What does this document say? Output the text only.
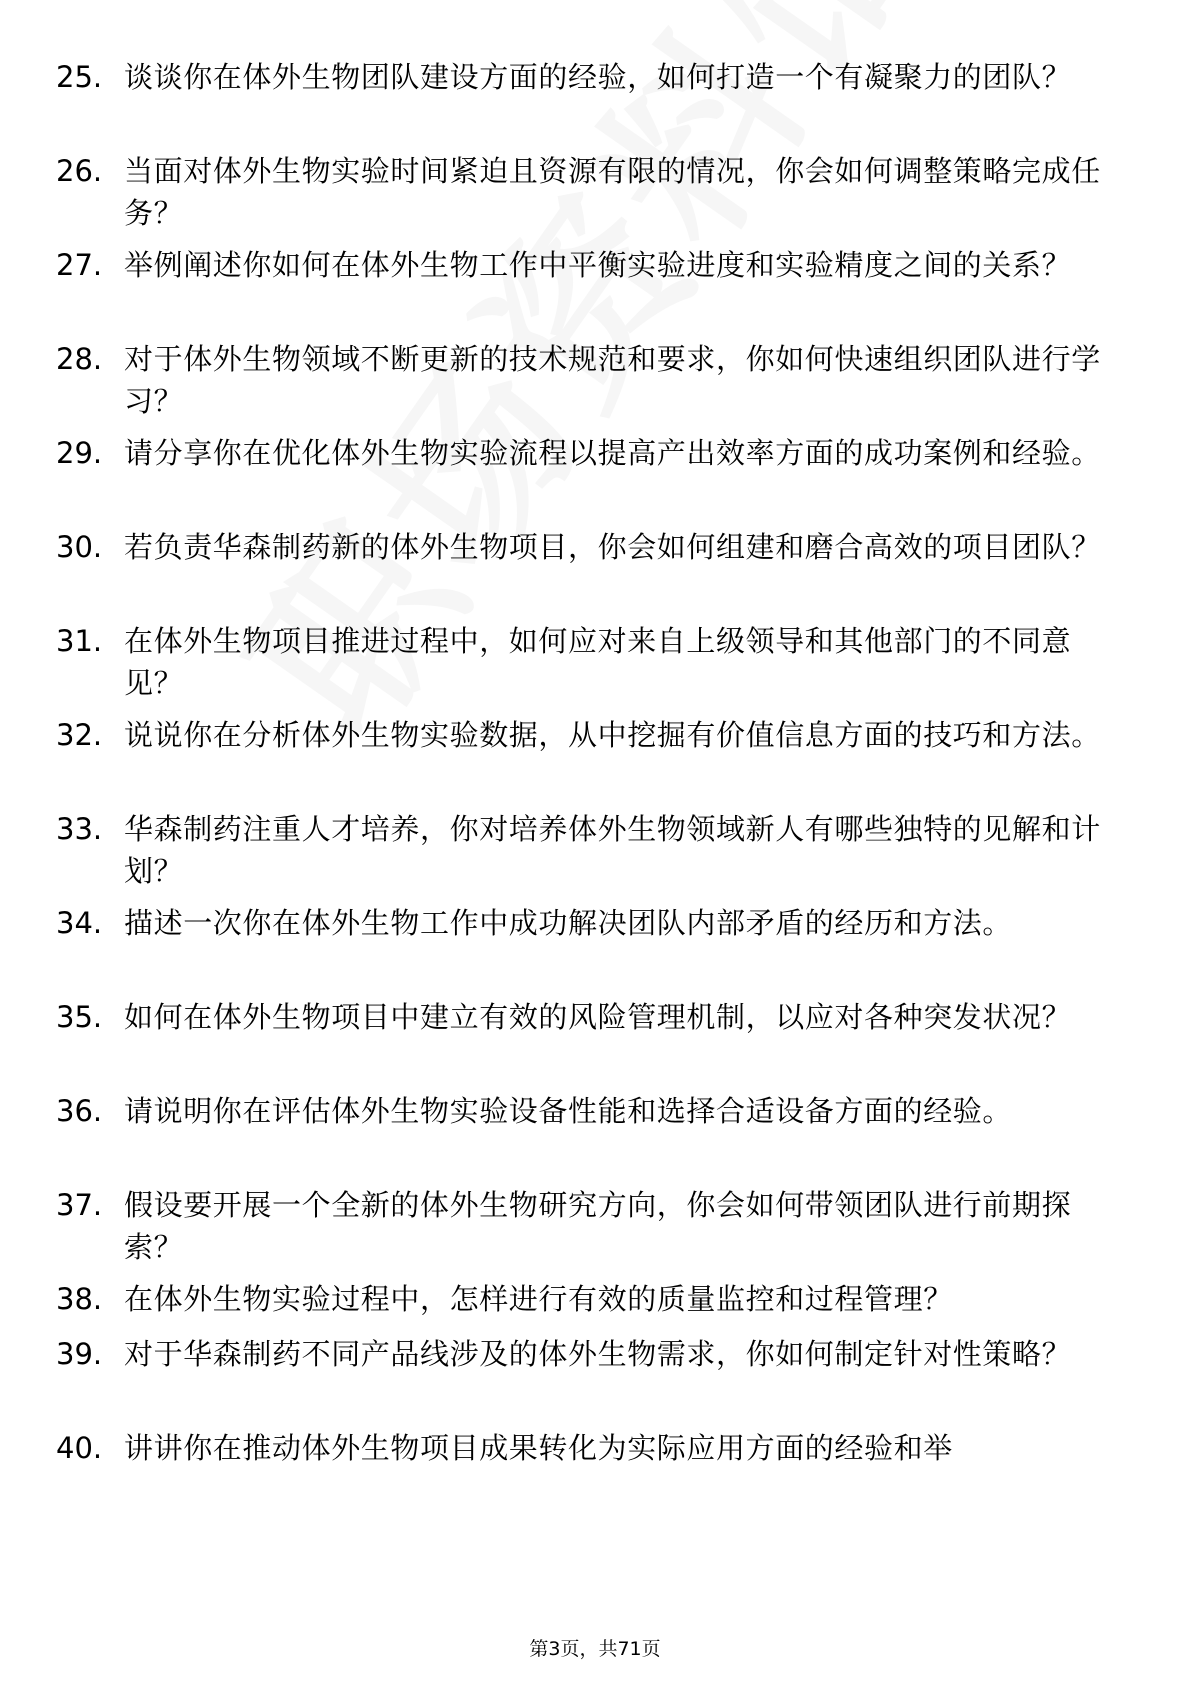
25. 谈谈你在体外生物团队建设方面的经验，如何打造一个有凝聚力的团队？
26. 当面对体外生物实验时间紧迫且资源有限的情况，你会如何调整策略完成任务？
27. 举例阐述你如何在体外生物工作中平衡实验进度和实验精度之间的关系？
28. 对于体外生物领域不断更新的技术规范和要求，你如何快速组织团队进行学习？
29. 请分享你在优化体外生物实验流程以提高产出效率方面的成功案例和经验。
30. 若负责华森制药新的体外生物项目，你会如何组建和磨合高效的项目团队？
31. 在体外生物项目推进过程中，如何应对来自上级领导和其他部门的不同意见？
32. 说说你在分析体外生物实验数据，从中挖掘有价值信息方面的技巧和方法。
33. 华森制药注重人才培养，你对培养体外生物领域新人有哪些独特的见解和计划？
34. 描述一次你在体外生物工作中成功解决团队内部矛盾的经历和方法。
35. 如何在体外生物项目中建立有效的风险管理机制，以应对各种突发状况？
36. 请说明你在评估体外生物实验设备性能和选择合适设备方面的经验。
37. 假设要开展一个全新的体外生物研究方向，你会如何带领团队进行前期探索？
38. 在体外生物实验过程中，怎样进行有效的质量监控和过程管理？
39. 对于华森制药不同产品线涉及的体外生物需求，你如何制定针对性策略？
40. 讲讲你在推动体外生物项目成果转化为实际应用方面的经验和举
第3页，共71页
